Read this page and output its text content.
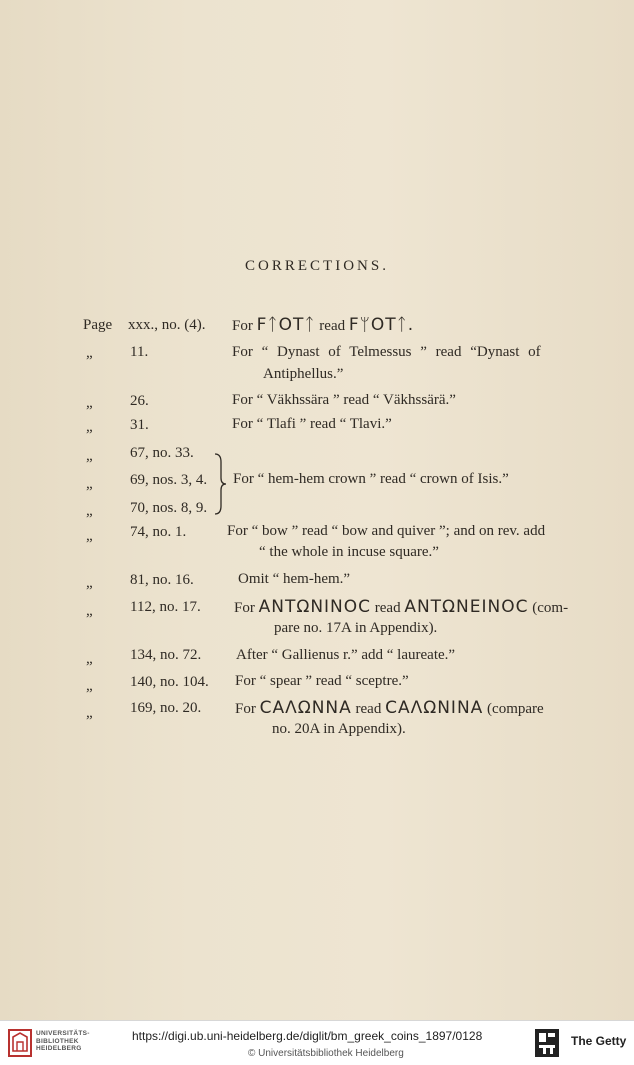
CORRECTIONS.
Page xxx., no. (4). For FᛏOTᛏ read FᛘOTᛏ.
„ 11.	For “ Dynast of Telmessus ” read “Dynast of
Antiphellus.”
„ 26.	For “ Väkhssära ” read “ Väkhssärä.”
„ 31.	For “ Tlafi ” read “ Tlavi.”
„ 67, no. 33.
„ 69, nos. 3, 4.
„ 70, nos. 8, 9.
For “ hem-hem crown ” read “ crown of Isis.”
„ 74, no. 1.	For “ bow ” read “ bow and quiver ”; and on rev. add
“ the whole in incuse square.”
„ 81, no. 16.	Omit “ hem-hem.”
„ 112, no. 17. For ANTΩNINOC read ANTΩNEINOC (com-
pare no. 17A in Appendix).
„ 134, no. 72. After “ Gallienus r.” add “ laureate.”
„ 140, no. 104. For “ spear ” read “ sceptre.”
„ 169, no. 20. For CAΛΩNNA read CAΛΩNINA (compare
no. 20A in Appendix).
UNIVERSITÄTS-
BIBLIOTHEK
HEIDELBERG
https://digi.ub.uni-heidelberg.de/diglit/bm_greek_coins_1897/0128
© Universitätsbibliothek Heidelberg
The Getty
